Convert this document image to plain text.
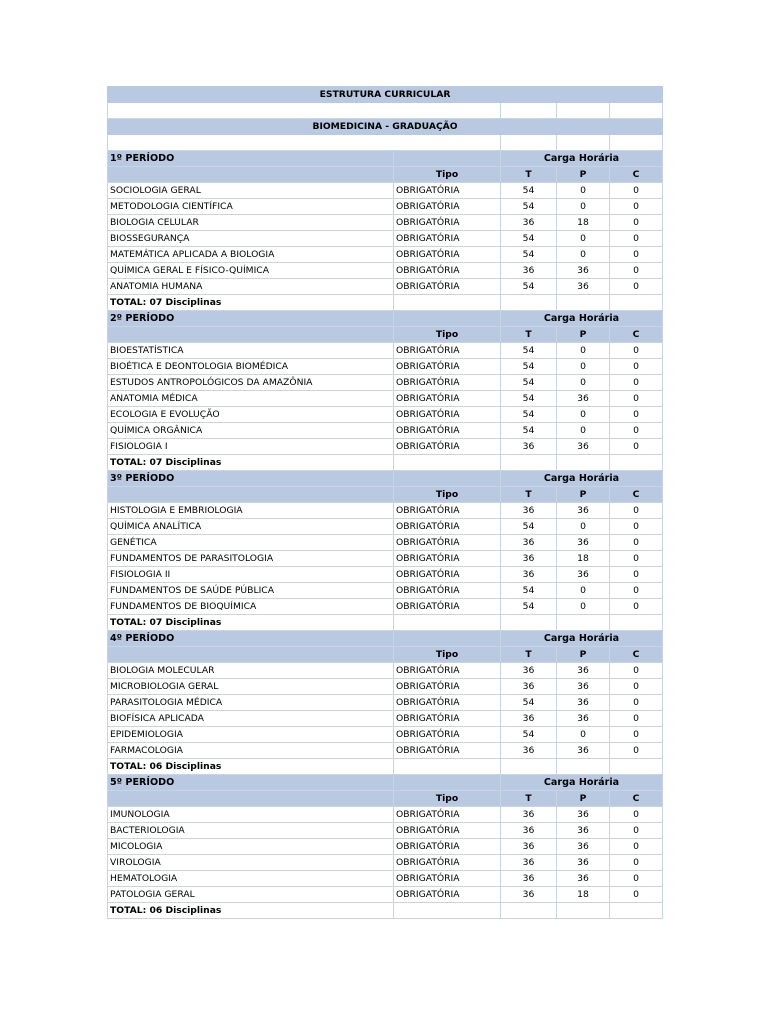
ESTRUTURA CURRICULAR				

BIOMEDICINA - GRADUAÇÃO				

1º PERÍODO		Carga Horária		
	Tipo	T	P	C
SOCIOLOGIA GERAL	OBRIGATÓRIA	54	0	0
METODOLOGIA CIENTÍFICA	OBRIGATÓRIA	54	0	0
BIOLOGIA CELULAR	OBRIGATÓRIA	36	18	0
BIOSSEGURANÇA	OBRIGATÓRIA	54	0	0
MATEMÁTICA APLICADA A BIOLOGIA	OBRIGATÓRIA	54	0	0
QUÍMICA GERAL E FÍSICO-QUÍMICA	OBRIGATÓRIA	36	36	0
ANATOMIA HUMANA	OBRIGATÓRIA	54	36	0
TOTAL: 07 Disciplinas				
2º PERÍODO		Carga Horária		
	Tipo	T	P	C
BIOESTATÍSTICA	OBRIGATÓRIA	54	0	0
BIOÉTICA E DEONTOLOGIA BIOMÉDICA	OBRIGATÓRIA	54	0	0
ESTUDOS ANTROPOLÓGICOS DA AMAZÔNIA	OBRIGATÓRIA	54	0	0
ANATOMIA MÉDICA	OBRIGATÓRIA	54	36	0
ECOLOGIA E EVOLUÇÃO	OBRIGATÓRIA	54	0	0
QUÍMICA ORGÂNICA	OBRIGATÓRIA	54	0	0
FISIOLOGIA I	OBRIGATÓRIA	36	36	0
TOTAL: 07 Disciplinas				
3º PERÍODO		Carga Horária		
	Tipo	T	P	C
HISTOLOGIA E EMBRIOLOGIA	OBRIGATÓRIA	36	36	0
QUÍMICA ANALÍTICA	OBRIGATÓRIA	54	0	0
GENÉTICA	OBRIGATÓRIA	36	36	0
FUNDAMENTOS DE PARASITOLOGIA	OBRIGATÓRIA	36	18	0
FISIOLOGIA II	OBRIGATÓRIA	36	36	0
FUNDAMENTOS DE SAÚDE PÚBLICA	OBRIGATÓRIA	54	0	0
FUNDAMENTOS DE BIOQUÍMICA	OBRIGATÓRIA	54	0	0
TOTAL: 07 Disciplinas				
4º PERÍODO		Carga Horária		
	Tipo	T	P	C
BIOLOGIA MOLECULAR	OBRIGATÓRIA	36	36	0
MICROBIOLOGIA GERAL	OBRIGATÓRIA	36	36	0
PARASITOLOGIA MÉDICA	OBRIGATÓRIA	54	36	0
BIOFÍSICA APLICADA	OBRIGATÓRIA	36	36	0
EPIDEMIOLOGIA	OBRIGATÓRIA	54	0	0
FARMACOLOGIA	OBRIGATÓRIA	36	36	0
TOTAL: 06 Disciplinas				
5º PERÍODO		Carga Horária		
	Tipo	T	P	C
IMUNOLOGIA	OBRIGATÓRIA	36	36	0
BACTERIOLOGIA	OBRIGATÓRIA	36	36	0
MICOLOGIA	OBRIGATÓRIA	36	36	0
VIROLOGIA	OBRIGATÓRIA	36	36	0
HEMATOLOGIA	OBRIGATÓRIA	36	36	0
PATOLOGIA GERAL	OBRIGATÓRIA	36	18	0
TOTAL: 06 Disciplinas				
